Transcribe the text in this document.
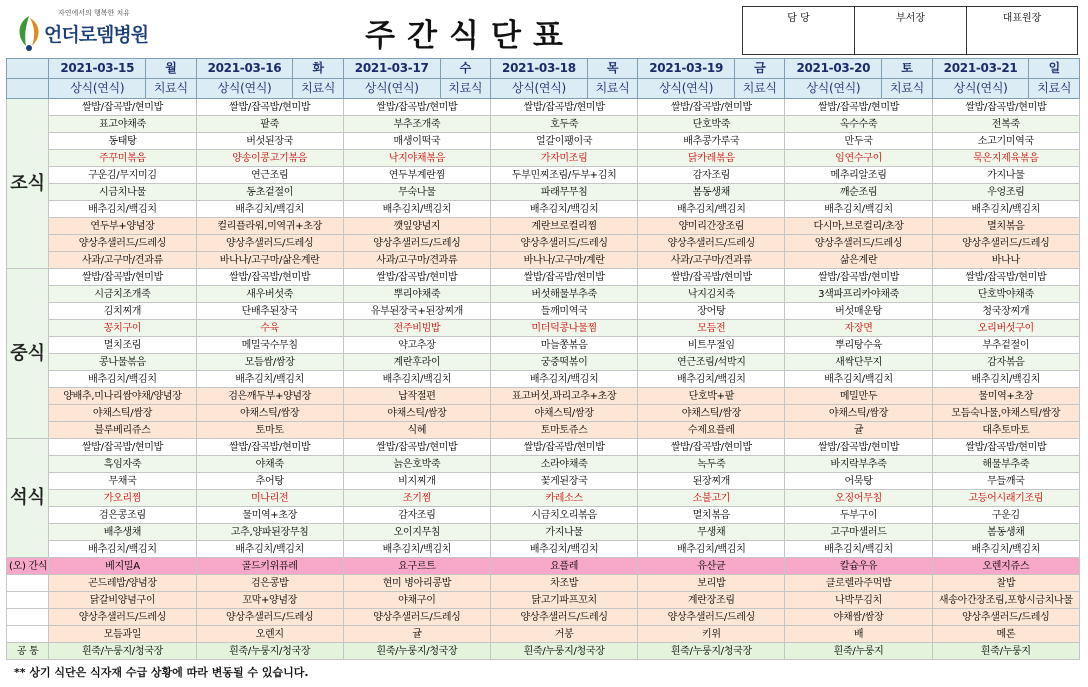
자연에서의 행복한 치유
언더로뎀병원	주간식단표	담 당	부서장	대표원장
	2021-03-15	월	2021-03-16	화	2021-03-17	수	2021-03-18	목	2021-03-19	금	2021-03-20	토	2021-03-21	일
	상식(연식)	치료식	상식(연식)	치료식	상식(연식)	치료식	상식(연식)	치료식	상식(연식)	치료식	상식(연식)	치료식	상식(연식)	치료식
조식	쌀밥/잡곡밥/현미밥		쌀밥/잡곡밥/현미밥		쌀밥/잡곡밥/현미밥		쌀밥/잡곡밥/현미밥		쌀밥/잡곡밥/현미밥		쌀밥/잡곡밥/현미밥		쌀밥/잡곡밥/현미밥	
	표고야채죽		팥죽		부추조개죽		호두죽		단호박죽		옥수수죽		전복죽	
	동태탕		버섯된장국		매생이떡국		얼갈이팽이국		배추콩가루국		만두국		소고기미역국	
	주꾸미볶음		양송이콩고기볶음		낙지야채볶음		가자미조림		닭카레볶음		임연수구이		묵은지제육볶음	
	구운김/무지미김		연근조림		연두부계란찜		두부민찌조림/두부+김치		감자조림		메추리알조림		가지나물	
	시금치나물		동초겉절이		무숙나물		파래무무침		봄동생채		깨순조림		우엉조림	
	배추김치/백김치		배추김치/백김치		배추김치/백김치		배추김치/백김치		배추김치/백김치		배추김치/백김치		배추김치/백김치	
	연두부+양념장		컬리플라워,미역귀+초장		깻잎양념지		계란브로컬리찜		양미리간장조림		다시마,브로컬리/초장		멸치볶음	
	양상추샐러드/드레싱		양상추샐러드/드레싱		양상추샐러드/드레싱		양상추샐러드/드레싱		양상추샐러드/드레싱		양상추샐러드/드레싱		양상추샐러드/드레싱	
	사과/고구마/견과류		바나나/고구마/삶은계란		사과/고구마/견과류		바나나/고구마/계란		사과/고구마/견과류		삶은계란		바나나	
중식	쌀밥/잡곡밥/현미밥		쌀밥/잡곡밥/현미밥		쌀밥/잡곡밥/현미밥		쌀밥/잡곡밥/현미밥		쌀밥/잡곡밥/현미밥		쌀밥/잡곡밥/현미밥		쌀밥/잡곡밥/현미밥	
	시금치조개죽		새우버섯죽		뿌리야채죽		버섯해물부추죽		낙지김치죽		3색파프리카야채죽		단호박야채죽	
	김치찌개		단배추된장국		유부된장국+된장찌개		들깨미역국		장어탕		버섯매운탕		청국장찌개	
	꽁치구이		수육		전주비빔밥		미더덕콩나물찜		모듬전		자장면		오리버섯구이	
	멸치조림		메밀국수무침		약고추장		마늘쫑볶음		비트무절임		뿌리탕수육		부추겉절이	
	콩나물볶음		모듬쌈/쌈장		계란후라이		궁중떡볶이		연근조림/석박지		새싹단무지		감자볶음	
	배추김치/백김치		배추김치/백김치		배추김치/백김치		배추김치/백김치		배추김치/백김치		배추김치/백김치		배추김치/백김치	
	양배추,미나리쌈야채/양념장		검은깨두부+양념장		납작절편		표고버섯,꽈리고추+초장		단호박+팥		메밀만두		물미역+초장	
	야채스틱/쌈장		야채스틱/쌈장		야채스틱/쌈장		야채스틱/쌈장		야채스틱/쌈장		야채스틱/쌈장		모듬숙나물,야채스틱/쌈장	
	블루베리쥬스		토마토		식혜		토마토쥬스		수제요플레		귤		대추토마토	
석식	쌀밥/잡곡밥/현미밥		쌀밥/잡곡밥/현미밥		쌀밥/잡곡밥/현미밥		쌀밥/잡곡밥/현미밥		쌀밥/잡곡밥/현미밥		쌀밥/잡곡밥/현미밥		쌀밥/잡곡밥/현미밥	
	흑임자죽		야채죽		늙은호박죽		소라야채죽		녹두죽		바지락부추죽		해물부추죽	
	무채국		추어탕		비지찌개		꽃게된장국		된장찌개		어묵탕		무들깨국	
	가오리찜		미나리전		조기찜		카레소스		소불고기		오징어무침		고등어시래기조림	
	검은콩조림		물미역+초장		감자조림		시금치오리볶음		멸치볶음		두부구이		구운김	
	배추생채		고추,양파된장무침		오이지무침		가지나물		무생채		고구마샐러드		봄동생채	
	배추김치/백김치		배추김치/백김치		배추김치/백김치		배추김치/백김치		배추김치/백김치		배추김치/백김치		배추김치/백김치	
(오) 간식	베지밀A		골드키위퓨레		요구르트		요플레		유산균		칼슘우유		오렌지쥬스	
	곤드레밥/양념장		검은콩밥		현미 병아리콩밥		차조밥		보리밥		클로렐라주먹밥		찰밥	
	닭갈비양념구이		꼬막+양념장		야채구이		닭고기파프꼬치		계란장조림		나박무김치		새송아간장조림,포항시금치나물	
	양상추샐러드/드레싱		양상추샐러드/드레싱		양상추샐러드/드레싱		양상추샐러드/드레싱		양상추샐러드/드레싱		야채쌈/쌈장		양상추샐러드/드레싱	
	모듬과일		오렌지		귤		거봉		키위		배		메론	
공 통	흰죽/누룽지/청국장		흰죽/누룽지/청국장		흰죽/누룽지/청국장		흰죽/누룽지/청국장		흰죽/누룽지/청국장		흰죽/누룽지		흰죽/누룽지	
** 상기 식단은 식자재 수급 상황에 따라 변동될 수 있습니다.
